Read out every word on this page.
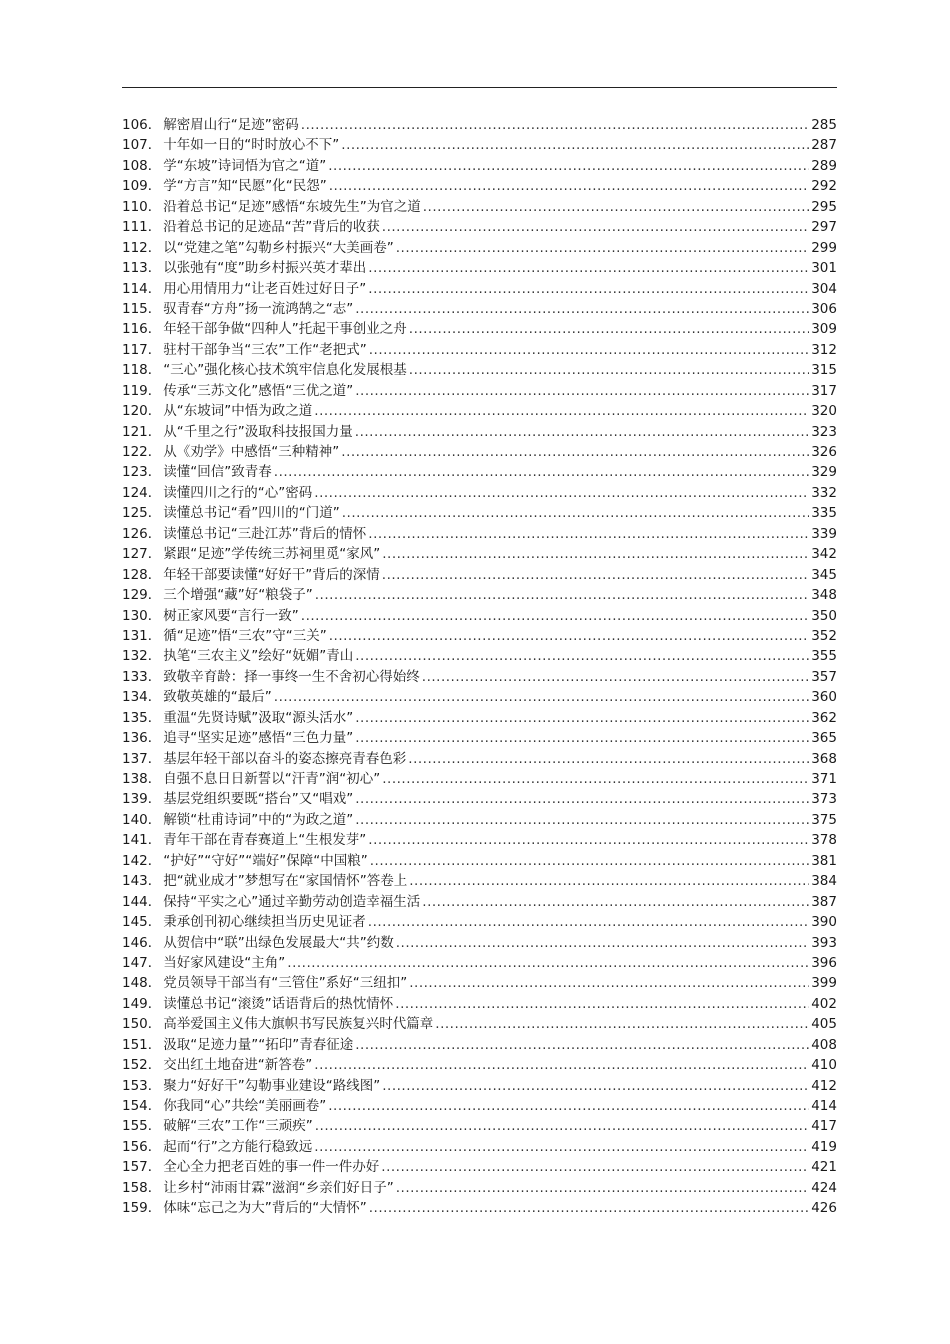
106． 解密眉山行“足迹”密码 .....	285
107． 十年如一日的“时时放心不下” .....	287
108． 学“东坡”诗词悟为官之“道” .....	289
109． 学“方言”知“民愿”化“民怨” .....	292
110． 沿着总书记“足迹”感悟“东坡先生”为官之道 .....	295
111． 沿着总书记的足迹品“苦”背后的收获 .....	297
112． 以“党建之笔”勾勒乡村振兴“大美画卷” .....	299
113． 以张弛有“度”助乡村振兴英才辈出 .....	301
114． 用心用情用力“让老百姓过好日子” .....	304
115． 驭青春“方舟”扬一流鸿鹄之“志” .....	306
116． 年轻干部争做“四种人”托起干事创业之舟 .....	309
117． 驻村干部争当“三农”工作“老把式” .....	312
118． “三心”强化核心技术筑牢信息化发展根基 .....	315
119． 传承“三苏文化”感悟“三优之道” .....	317
120． 从“东坡词”中悟为政之道 .....	320
121． 从“千里之行”汲取科技报国力量 .....	323
122． 从《劝学》中感悟“三种精神” .....	326
123． 读懂“回信”致青春 .....	329
124． 读懂四川之行的“心”密码 .....	332
125． 读懂总书记“看”四川的“门道” .....	335
126． 读懂总书记“三赴江苏”背后的情怀 .....	339
127． 紧跟“足迹”学传统三苏祠里觅“家风” .....	342
128． 年轻干部要读懂“好好干”背后的深情 .....	345
129． 三个增强“藏”好“粮袋子” .....	348
130． 树正家风要“言行一致” .....	350
131． 循“足迹”悟“三农”守“三关” .....	352
132． 执笔“三农主义”绘好“妩媚”青山 .....	355
133． 致敬辛育龄：择一事终一生不舍初心得始终 .....	357
134． 致敬英雄的“最后” .....	360
135． 重温“先贤诗赋”汲取“源头活水” .....	362
136． 追寻“坚实足迹”感悟“三色力量” .....	365
137． 基层年轻干部以奋斗的姿态擦亮青春色彩 .....	368
138． 自强不息日日新誓以“汗青”润“初心” .....	371
139． 基层党组织要既“搭台”又“唱戏” .....	373
140． 解锁“杜甫诗词”中的“为政之道” .....	375
141． 青年干部在青春赛道上“生根发芽” .....	378
142． “护好”“守好”“端好”保障“中国粮” .....	381
143． 把“就业成才”梦想写在“家国情怀”答卷上 .....	384
144． 保持“平实之心”通过辛勤劳动创造幸福生活 .....	387
145． 秉承创刊初心继续担当历史见证者 .....	390
146． 从贺信中“联”出绿色发展最大“共”约数 .....	393
147． 当好家风建设“主角” .....	396
148． 党员领导干部当有“三管住”系好“三纽扣” .....	399
149． 读懂总书记“滚烫”话语背后的热忱情怀 .....	402
150． 高举爱国主义伟大旗帜书写民族复兴时代篇章 .....	405
151． 汲取“足迹力量”“拓印”青春征途 .....	408
152． 交出红土地奋进“新答卷” .....	410
153． 聚力“好好干”勾勒事业建设“路线图” .....	412
154． 你我同“心”共绘“美丽画卷” .....	414
155． 破解“三农”工作“三顽疾” .....	417
156． 起而“行”之方能行稳致远 .....	419
157． 全心全力把老百姓的事一件一件办好 .....	421
158． 让乡村“沛雨甘霖”滋润“乡亲们好日子” .....	424
159． 体味“忘己之为大”背后的“大情怀” .....	426
